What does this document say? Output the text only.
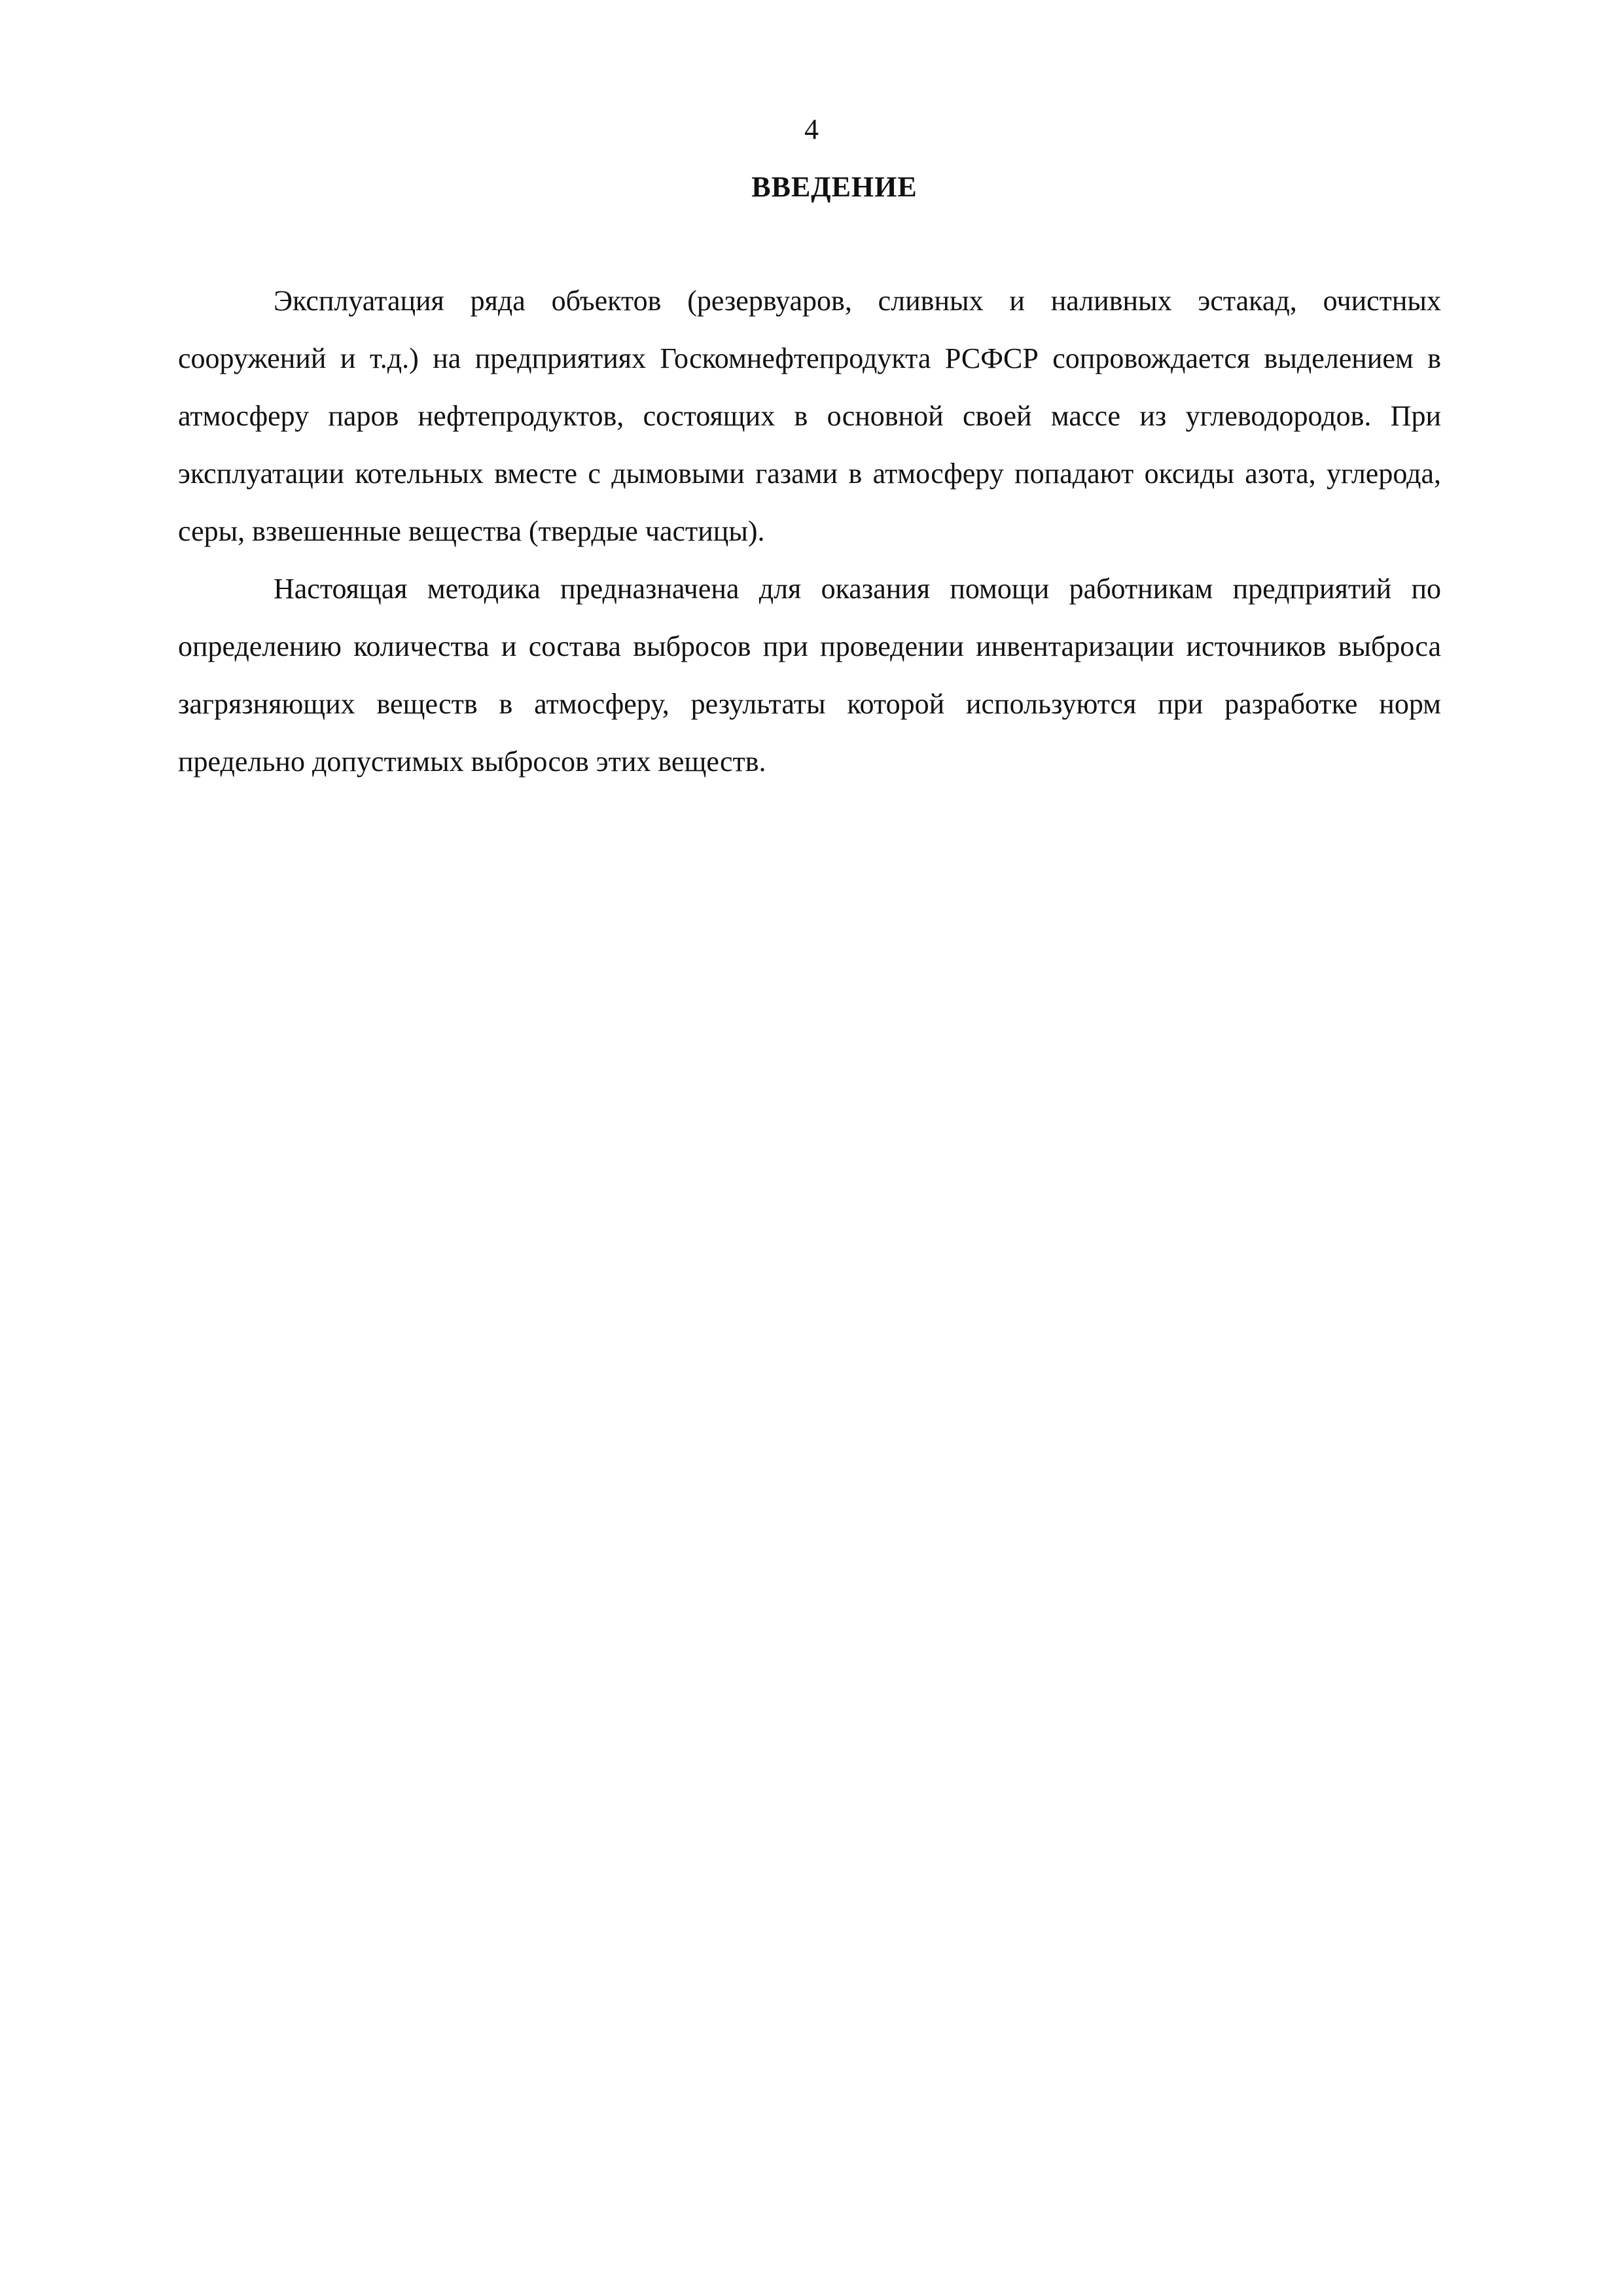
4
ВВЕДЕНИЕ

Эксплуатация ряда объектов (резервуаров, сливных и наливных эстакад, очистных сооружений и т.д.) на предприятиях Госкомнефтепродукта РСФСР сопровождается выделением в атмосферу паров нефтепродуктов, состоящих в основной своей массе из углеводородов. При эксплуатации котельных вместе с дымовыми газами в атмосферу попадают оксиды азота, углерода, серы, взвешенные вещества (твердые частицы).

Настоящая методика предназначена для оказания помощи работникам предприятий по определению количества и состава выбросов при проведении инвентаризации источников выброса загрязняющих веществ в атмосферу, результаты которой используются при разработке норм предельно допустимых выбросов этих веществ.
